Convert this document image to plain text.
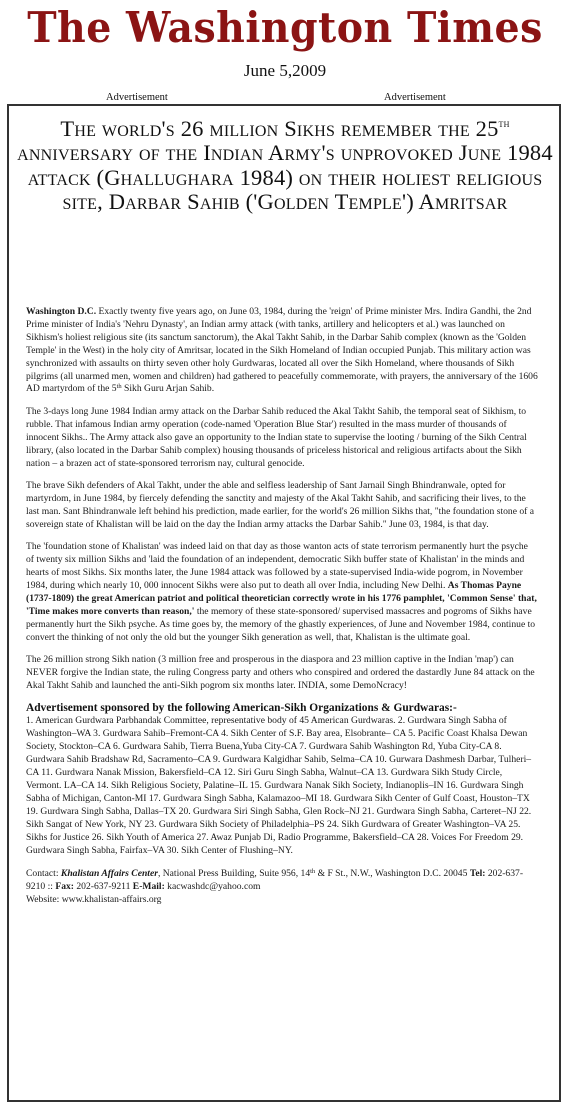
The Washington Times
June 5,2009
Advertisement	Advertisement
The world's 26 million Sikhs remember the 25th anniversary of the Indian Army's unprovoked June 1984 attack (Ghallughara 1984) on their holiest religious site, Darbar Sahib ('Golden Temple') Amritsar

Washington D.C. Exactly twenty five years ago, on June 03, 1984, during the 'reign' of Prime minister Mrs. Indira Gandhi, the 2nd Prime minister of India's 'Nehru Dynasty', an Indian army attack (with tanks, artillery and helicopters et al.) was launched on Sikhism's holiest religious site (its sanctum sanctorum), the Akal Takht Sahib, in the Darbar Sahib complex (known as the 'Golden Temple' in the West) in the holy city of Amritsar, located in the Sikh Homeland of Indian occupied Punjab. This military action was synchronized with assaults on thirty seven other holy Gurdwaras, located all over the Sikh Homeland, where thousands of Sikh pilgrims (all unarmed men, women and children) had gathered to peacefully commemorate, with prayers, the anniversary of the 1606 AD martyrdom of the 5th Sikh Guru Arjan Sahib.

The 3-days long June 1984 Indian army attack on the Darbar Sahib reduced the Akal Takht Sahib, the temporal seat of Sikhism, to rubble. That infamous Indian army operation (code-named 'Operation Blue Star') resulted in the mass murder of thousands of innocent Sikhs.. The Army attack also gave an opportunity to the Indian state to supervise the looting / burning of the Sikh Central library, (also located in the Darbar Sahib complex) housing thousands of priceless historical and religious artifacts about the Sikh nation – a brazen act of state-sponsored terrorism nay, cultural genocide.

The brave Sikh defenders of Akal Takht, under the able and selfless leadership of Sant Jarnail Singh Bhindranwale, opted for martyrdom, in June 1984, by fiercely defending the sanctity and majesty of the Akal Takht Sahib, and sacrificing their lives, to the last man. Sant Bhindranwale left behind his prediction, made earlier, for the world's 26 million Sikhs that, "the foundation stone of a sovereign state of Khalistan will be laid on the day the Indian army attacks the Darbar Sahib." June 03, 1984, is that day.

The 'foundation stone of Khalistan' was indeed laid on that day as those wanton acts of state terrorism permanently hurt the psyche of twenty six million Sikhs and 'laid the foundation of an independent, democratic Sikh buffer state of Khalistan' in the minds and hearts of most Sikhs. Six months later, the June 1984 attack was followed by a state-supervised India-wide pogrom, in November 1984, during which nearly 10, 000 innocent Sikhs were also put to death all over India, including New Delhi. As Thomas Payne (1737-1809) the great American patriot and political theoretician correctly wrote in his 1776 pamphlet, 'Common Sense' that, 'Time makes more converts than reason,' the memory of these state-sponsored/ supervised massacres and pogroms of Sikhs have permanently hurt the Sikh psyche. As time goes by, the memory of the ghastly experiences, of June and November 1984, continue to convert the thinking of not only the old but the younger Sikh generation as well, that, Khalistan is the ultimate goal.

The 26 million strong Sikh nation (3 million free and prosperous in the diaspora and 23 million captive in the Indian 'map') can NEVER forgive the Indian state, the ruling Congress party and others who conspired and ordered the dastardly June 84 attack on the Akal Takht Sahib and launched the anti-Sikh pogrom six months later. INDIA, some DemoNcracy!

Advertisement sponsored by the following American-Sikh Organizations & Gurdwaras:-
1. American Gurdwara Parbhandak Committee, representative body of 45 American Gurdwaras. 2. Gurdwara Singh Sabha of Washington–WA 3. Gurdwara Sahib–Fremont-CA 4. Sikh Center of S.F. Bay area, Elsobrante– CA 5. Pacific Coast Khalsa Dewan Society, Stockton–CA 6. Gurdwara Sahib, Tierra Buena,Yuba City-CA 7. Gurdwara Sahib Washington Rd, Yuba City-CA 8. Gurdwara Sahib Bradshaw Rd, Sacramento–CA 9. Gurdwara Kalgidhar Sahib, Selma–CA 10. Gurwara Dashmesh Darbar, Tulheri–CA 11. Gurdwara Nanak Mission, Bakersfield–CA 12. Siri Guru Singh Sabha, Walnut–CA 13. Gurdwara Sikh Study Circle, Vermont. LA–CA 14. Sikh Religious Society, Palatine–IL 15. Gurdwara Nanak Sikh Society, Indianoplis–IN 16. Gurdwara Singh Sabha of Michigan, Canton-MI 17. Gurdwara Singh Sabha, Kalamazoo–MI 18. Gurdwara Sikh Center of Gulf Coast, Houston–TX 19. Gurdwara Singh Sabha, Dallas–TX 20. Gurdwara Siri Singh Sabha, Glen Rock–NJ 21. Gurdwara Singh Sabha, Carteret–NJ 22. Sikh Sangat of New York, NY 23. Gurdwara Sikh Society of Philadelphia–PS 24. Sikh Gurdwara of Greater Washington–VA 25. Sikhs for Justice 26. Sikh Youth of America 27. Awaz Punjab Di, Radio Programme, Bakersfield–CA 28. Voices For Freedom 29. Gurdwara Singh Sabha, Fairfax–VA 30. Sikh Center of Flushing–NY.
Contact: Khalistan Affairs Center, National Press Building, Suite 956, 14th & F St., N.W., Washington D.C. 20045 Tel: 202-637-9210 :: Fax: 202-637-9211 E-Mail: kacwashdc@yahoo.com
Website: www.khalistan-affairs.org
